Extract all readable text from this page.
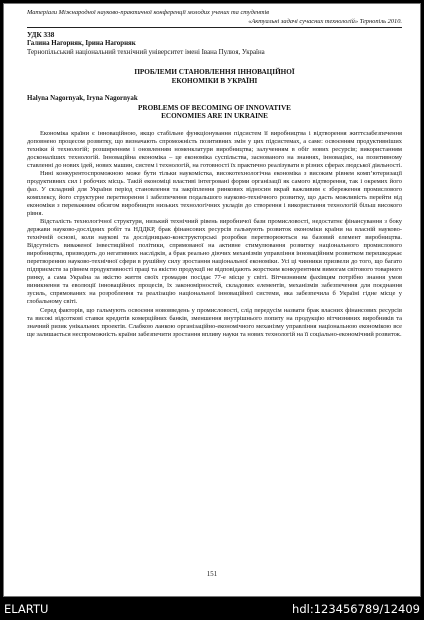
Матеріали Міжнародної науково-практичної конференції молодих учених та студентів
«Актуальні задачі сучасних технологій» Тернопіль 2010.
УДК 338
Галина Нагорняк, Ірина Нагорняк
Тернопільський національний технічний університет імені Івана Пулюя, Україна
ПРОБЛЕМИ СТАНОВЛЕННЯ ІННОВАЦІЙНОЇ
ЕКОНОМІКИ В УКРАЇНІ
Halyna Nagornyak, Iryna Nagornyak
PROBLEMS OF BECOMING OF INNOVATIVE
ECONOMIES ARE IN UKRAINE

Економіка країни є інноваційною, якщо стабільне функціонування підсистем її виробництва і відтворення життєзабезпечення доповнено процесом розвитку, що визначають спроможність позитивних змін у цих підсистемах, а саме: освоєнням продуктивніших техніки й технологій; розширенням і оновленням номенклатури виробництва; залученням в обіг нових ресурсів; використанням досконаліших технологій. Інноваційна економіка – це економіка суспільства, заснованого на знаннях, інноваціях, на позитивному ставленні до нових ідей, нових машин, систем і технологій, на готовності їх практично реалізувати в різних сферах людської діяльності.

Нині конкурентоспроможною може бути тільки наукомістка, високотехнологічна економіка з високим рівнем комп’ютеризації продуктивних сил і робочих місць. Такій економіці властиві інтегровані форми організації як самого відтворення, так і окремих його фаз. У складний для України період становлення та закріплення ринкових відносин вкрай важливим є збереження промислового комплексу, його структурне перетворення і забезпечення подальшого науково-технічного розвитку, що дасть можливість перейти від економіки з переважним обсягом виробництв низьких технологічних укладів до створення і використання технологій більш високого рівня.

Відсталість технологічної структури, низький технічний рівень виробничої бази промисловості, недостатнє фінансування з боку держави науково-дослідних робіт та НДДКР, брак фінансових ресурсів гальмують розвиток економіки країни на власній науково-технічній основі, коли наукові та дослідницько-конструкторські розробки перетворюються на базовий елемент виробництва. Відсутність виваженої інвестиційної політики, спрямованої на активне стимулювання розвитку національного промислового виробництва, призводить до негативних наслідків, а брак реально діючих механізмів управління інноваційним розвитком перешкоджає перетворенню науково-технічної сфери в рушійну силу зростання національної економіки. Усі ці чинники призвели до того, що багато підприємств за рівнем продуктивності праці та якістю продукції не відповідають жорстким конкурентним вимогам світового товарного ринку, а сама Україна за якістю життя своїх громадян посідає 77-е місце у світі. Вітчизняним фахівцям потрібно знання умов виникнення та еволюції інноваційних процесів, їх закономірностей, складових елементів, механізмів забезпечення для поєднання зусиль, спрямованих на розроблення та реалізацію національної інноваційної системи, яка забезпечила б Україні гідне місце у глобальному світі.

Серед факторів, що гальмують освоєння нововведень у промисловості, слід передусім назвати брак власних фінансових ресурсів та високі відсоткові ставки кредитів комерційних банків, зменшення внутрішнього попиту на продукцію вітчизняних виробників та значний ризик унікальних проектів. Слабкою ланкою організаційно-економічного механізму управління національною економікою все ще залишається неспроможність країни забезпечити зростання впливу науки та нових технологій на її соціально-економічний розвиток.

151
ELARTU	hdl:123456789/12409
